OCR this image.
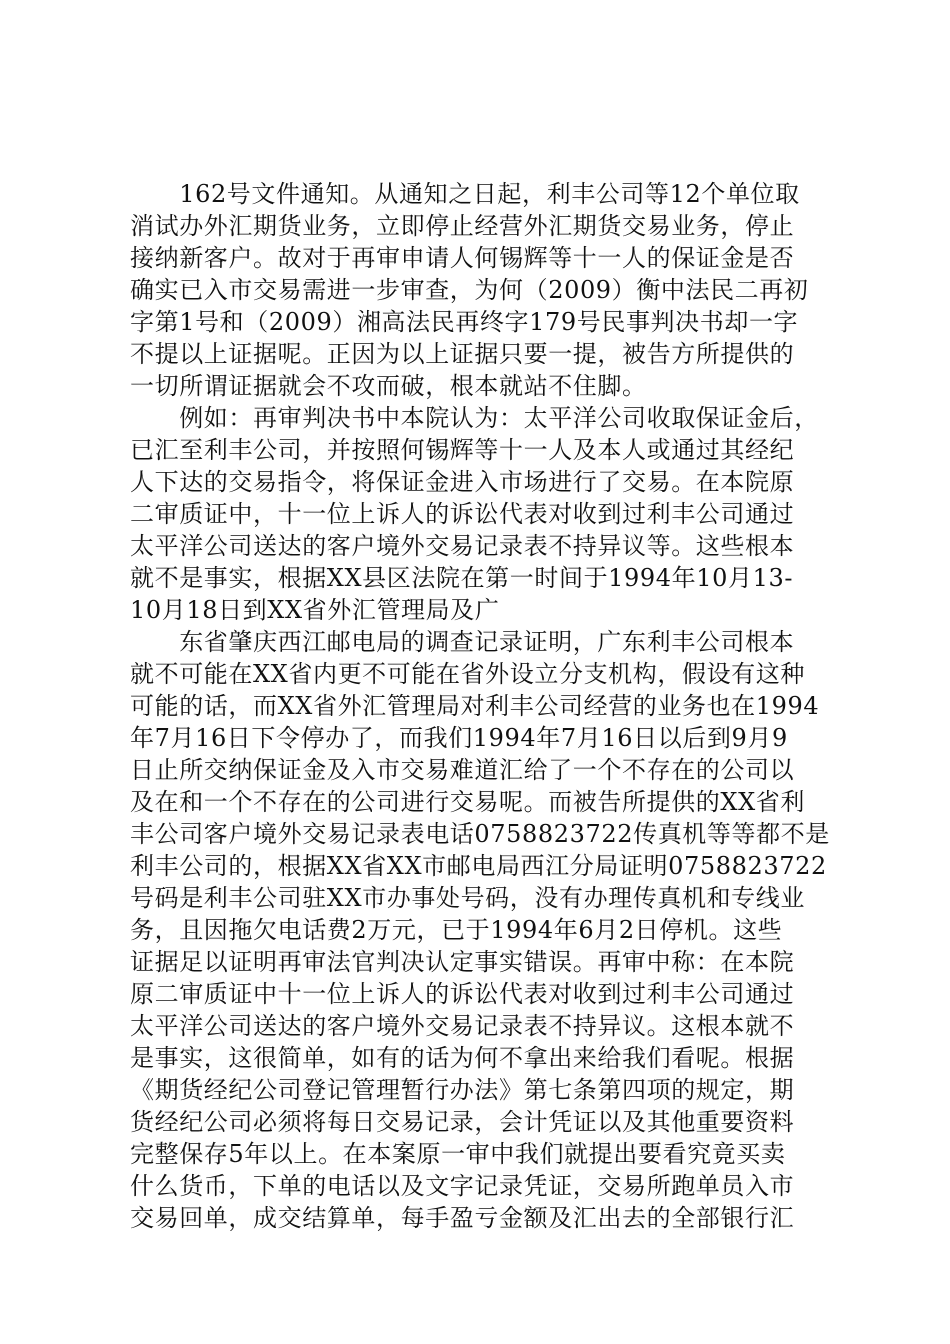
　　162号文件通知。从通知之日起，利丰公司等12个单位取
消试办外汇期货业务，立即停止经营外汇期货交易业务，停止
接纳新客户。故对于再审申请人何锡辉等十一人的保证金是否
确实已入市交易需进一步审查，为何（2009）衡中法民二再初
字第1号和（2009）湘高法民再终字179号民事判决书却一字
不提以上证据呢。正因为以上证据只要一提，被告方所提供的
一切所谓证据就会不攻而破，根本就站不住脚。
　　例如：再审判决书中本院认为：太平洋公司收取保证金后，
已汇至利丰公司，并按照何锡辉等十一人及本人或通过其经纪
人下达的交易指令，将保证金进入市场进行了交易。在本院原
二审质证中，十一位上诉人的诉讼代表对收到过利丰公司通过
太平洋公司送达的客户境外交易记录表不持异议等。这些根本
就不是事实，根据XX县区法院在第一时间于1994年10月13-
10月18日到XX省外汇管理局及广
　　东省肇庆西江邮电局的调查记录证明，广东利丰公司根本
就不可能在XX省内更不可能在省外设立分支机构，假设有这种
可能的话，而XX省外汇管理局对利丰公司经营的业务也在1994
年7月16日下令停办了，而我们1994年7月16日以后到9月9
日止所交纳保证金及入市交易难道汇给了一个不存在的公司以
及在和一个不存在的公司进行交易呢。而被告所提供的XX省利
丰公司客户境外交易记录表电话0758823722传真机等等都不是
利丰公司的，根据XX省XX市邮电局西江分局证明0758823722
号码是利丰公司驻XX市办事处号码，没有办理传真机和专线业
务，且因拖欠电话费2万元，已于1994年6月2日停机。这些
证据足以证明再审法官判决认定事实错误。再审中称：在本院
原二审质证中十一位上诉人的诉讼代表对收到过利丰公司通过
太平洋公司送达的客户境外交易记录表不持异议。这根本就不
是事实，这很简单，如有的话为何不拿出来给我们看呢。根据
《期货经纪公司登记管理暂行办法》第七条第四项的规定，期
货经纪公司必须将每日交易记录，会计凭证以及其他重要资料
完整保存5年以上。在本案原一审中我们就提出要看究竟买卖
什么货币，下单的电话以及文字记录凭证，交易所跑单员入市
交易回单，成交结算单，每手盈亏金额及汇出去的全部银行汇
